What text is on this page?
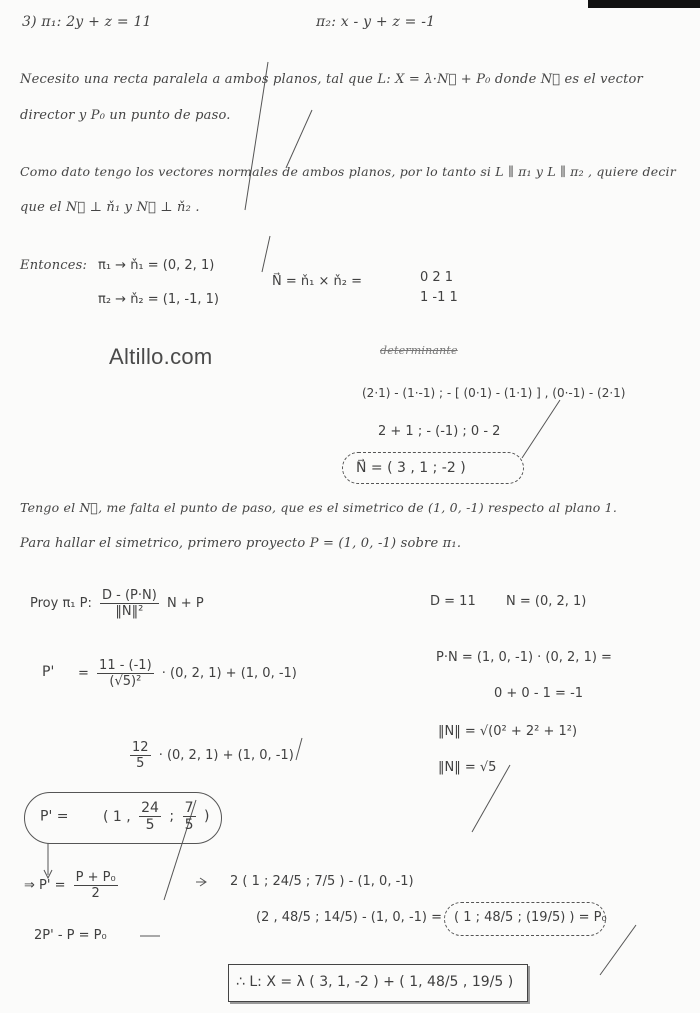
3) π₁: 2y + z = 11	π₂: x - y + z = -1
Necesito una recta paralela a ambos planos, tal que L: X = λ·N⃗ + P₀ donde N⃗ es el vector
director y P₀ un punto de paso.
Como dato tengo los vectores normales de ambos planos, por lo tanto si L ∥ π₁ y L ∥ π₂ , quiere decir
que el N⃗ ⊥ ň₁ y N⃗ ⊥ ň₂ .
Entonces: π₁ → ň₁ = (0, 2, 1)
π₂ → ň₂ = (1, -1, 1)
N⃗ = ň₁ × ň₂ =	0 2 1
1 -1 1
determinante
(2·1) - (1·-1) ; - [ (0·1) - (1·1) ] , (0·-1) - (2·1)
2 + 1 ; - (-1) ; 0 - 2
N⃗ = ( 3 , 1 ; -2 )
Altillo.com
Tengo el N⃗, me falta el punto de paso, que es el simetrico de (1, 0, -1) respecto al plano 1.
Para hallar el simetrico, primero proyecto P = (1, 0, -1) sobre π₁.
Proy π₁ P: $\frac{D - (P\cdot N)}{\text{‖N‖²}}$ N + P	D = 11 N = (0, 2, 1)
P·N = (1, 0, -1) · (0, 2, 1) =
0 + 0 - 1 = -1
‖N‖ = √(0² + 2² + 1²)
‖N‖ = √5
$P' = \frac{11 - (-1)}{\text{(√5)²}} \cdot (0$, 2, 1) + (1, 0, -1)
$\frac{12}{5} \cdot (0$, 2, 1) + (1, 0, -1)
P' = ( 1 , $\frac{24}{5}$ ; $\frac{7}{5}$ )
⇒ $P' = \frac{\text{P + P₀}}{2}$
2P' - P = P₀
2 ( 1 ; 24/5 ; 7/5 ) - (1, 0, -1)
(2 , 48/5 ; 14/5) - (1, 0, -1) = ( 1 ; 48/5 ; (19/5) ) = P₀
∴ L: X = λ ( 3, 1, -2 ) + ( 1, 48/5 , 19/5 )
